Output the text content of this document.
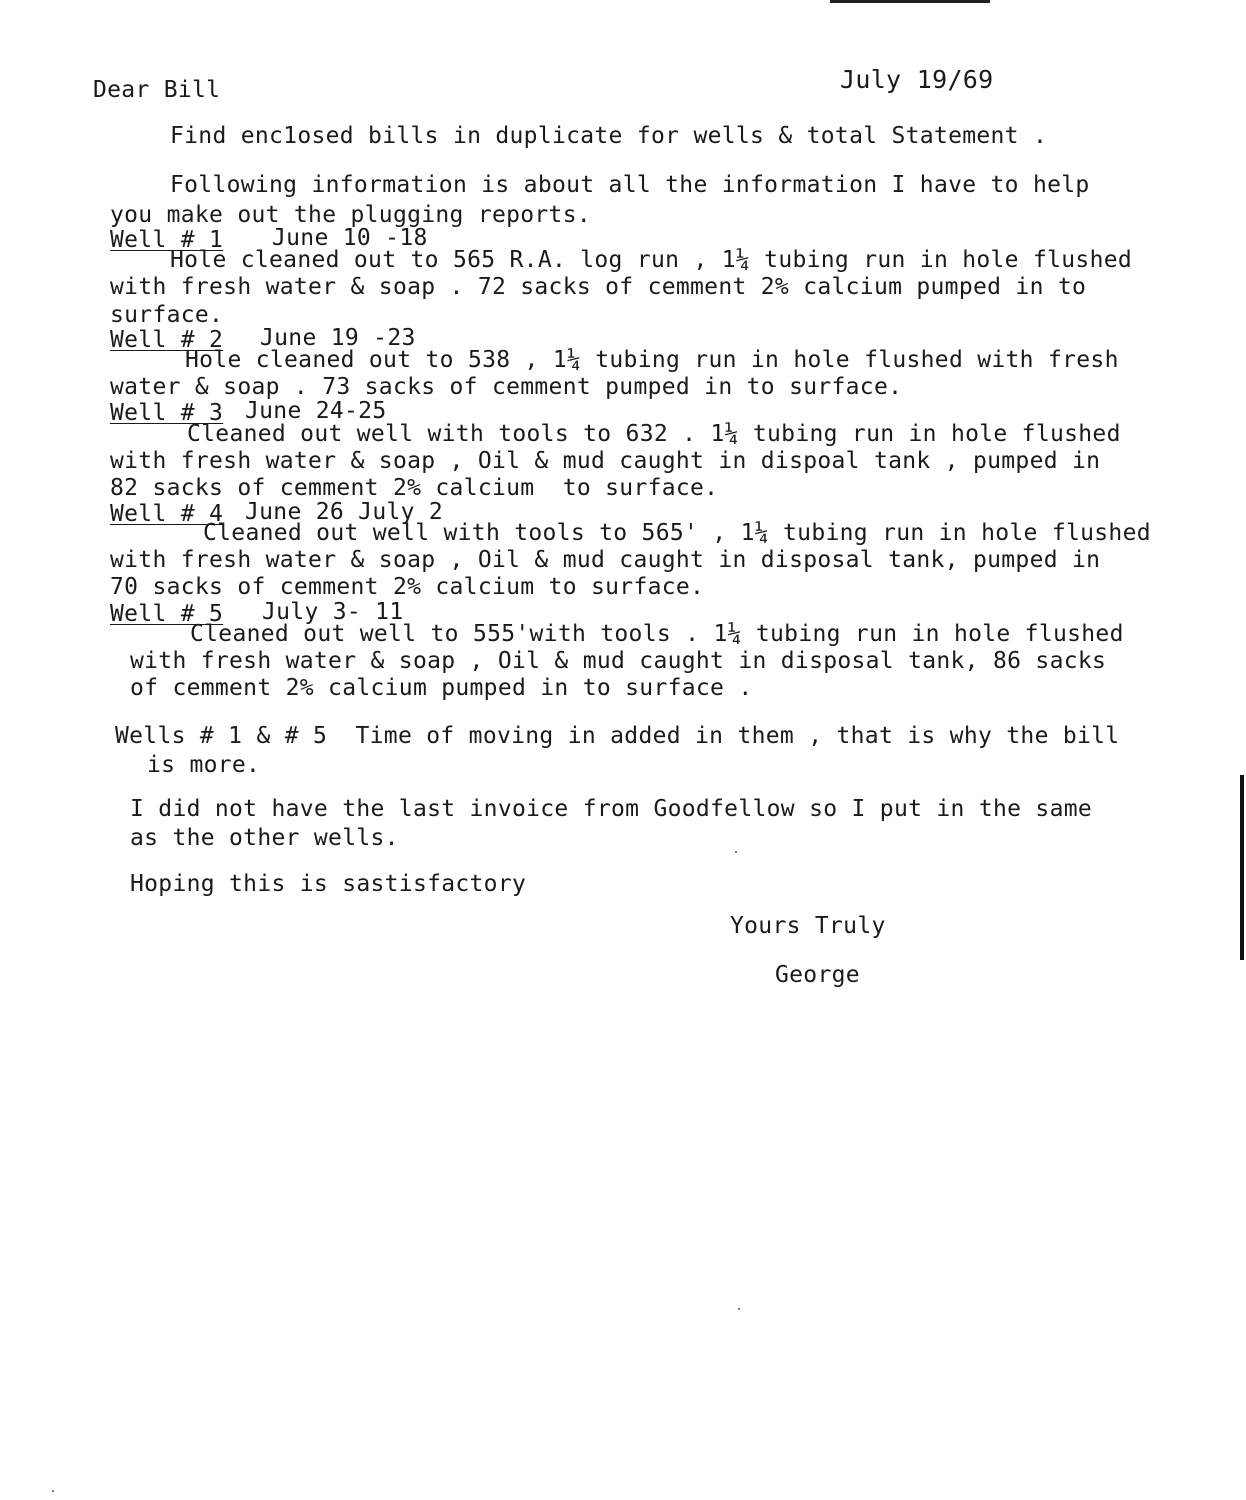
July 19/69
Dear Bill
Find enc1osed bills in duplicate for wells & total Statement .
Following information is about all the information I have to help
you make out the plugging reports.
Well # 1 June 10 -18
Hole cleaned out to 565 R.A. log run , 1¼ tubing run in hole flushed
with fresh water & soap . 72 sacks of cemment 2% calcium pumped in to
surface.
Well # 2 June 19 -23
Hole cleaned out to 538 , 1¼ tubing run in hole flushed with fresh
water & soap . 73 sacks of cemment pumped in to surface.
Well # 3 June 24-25
Cleaned out well with tools to 632 . 1¼ tubing run in hole flushed
with fresh water & soap , Oil & mud caught in dispoal tank , pumped in
82 sacks of cemment 2% calcium  to surface.
Well # 4 June 26 July 2
Cleaned out well with tools to 565' , 1¼ tubing run in hole flushed
with fresh water & soap , Oil & mud caught in disposal tank, pumped in
70 sacks of cemment 2% calcium to surface.
Well # 5 July 3- 11
Cleaned out well to 555'with tools . 1¼ tubing run in hole flushed
with fresh water & soap , Oil & mud caught in disposal tank, 86 sacks
of cemment 2% calcium pumped in to surface .
Wells # 1 & # 5  Time of moving in added in them , that is why the bill
is more.
I did not have the last invoice from Goodfellow so I put in the same
as the other wells.
Hoping this is sastisfactory
Yours Truly
George
